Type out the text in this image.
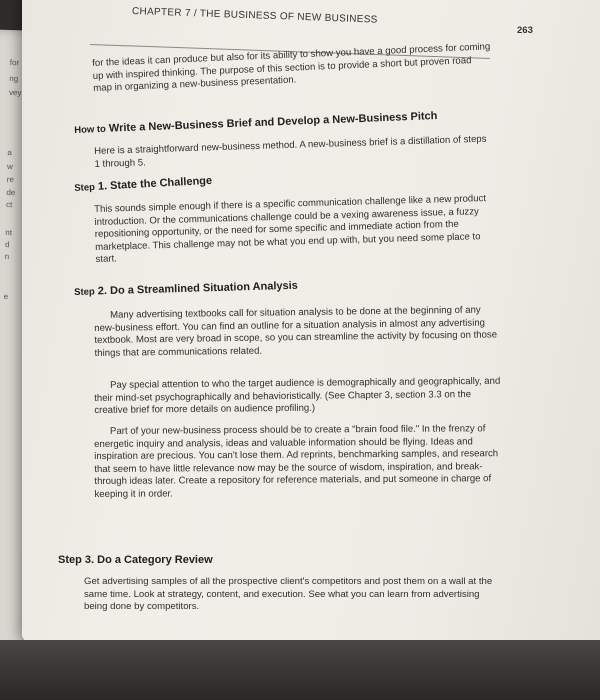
for
ng
vey
a
w
re
de
ct
nt
d
n
e
CHAPTER 7 / THE BUSINESS OF NEW BUSINESS
263
for the ideas it can produce but also for its ability to show you have a good process for coming up with inspired thinking. The purpose of this section is to provide a short but proven road map in organizing a new-business presentation.
How to Write a New-Business Brief and Develop a New-Business Pitch
Here is a straightforward new-business method. A new-business brief is a distillation of steps 1 through 5.
Step 1. State the Challenge
This sounds simple enough if there is a specific communication challenge like a new product introduction. Or the communications challenge could be a vexing awareness issue, a fuzzy repositioning opportunity, or the need for some specific and immediate action from the marketplace. This challenge may not be what you end up with, but you need some place to start.
Step 2. Do a Streamlined Situation Analysis
Many advertising textbooks call for situation analysis to be done at the beginning of any new-business effort. You can find an outline for a situation analysis in almost any advertising textbook. Most are very broad in scope, so you can streamline the activity by focusing on those things that are communications related.
Pay special attention to who the target audience is demographically and geographically, and their mind-set psychographically and behavioristically. (See Chapter 3, section 3.3 on the creative brief for more details on audience profiling.)
Part of your new-business process should be to create a "brain food file." In the frenzy of energetic inquiry and analysis, ideas and valuable information should be flying. Ideas and inspiration are precious. You can't lose them. Ad reprints, benchmarking samples, and research that seem to have little relevance now may be the source of wisdom, inspiration, and break-through ideas later. Create a repository for reference materials, and put someone in charge of keeping it in order.
Step 3. Do a Category Review
Get advertising samples of all the prospective client's competitors and post them on a wall at the same time. Look at strategy, content, and execution. See what you can learn from advertising being done by competitors.
